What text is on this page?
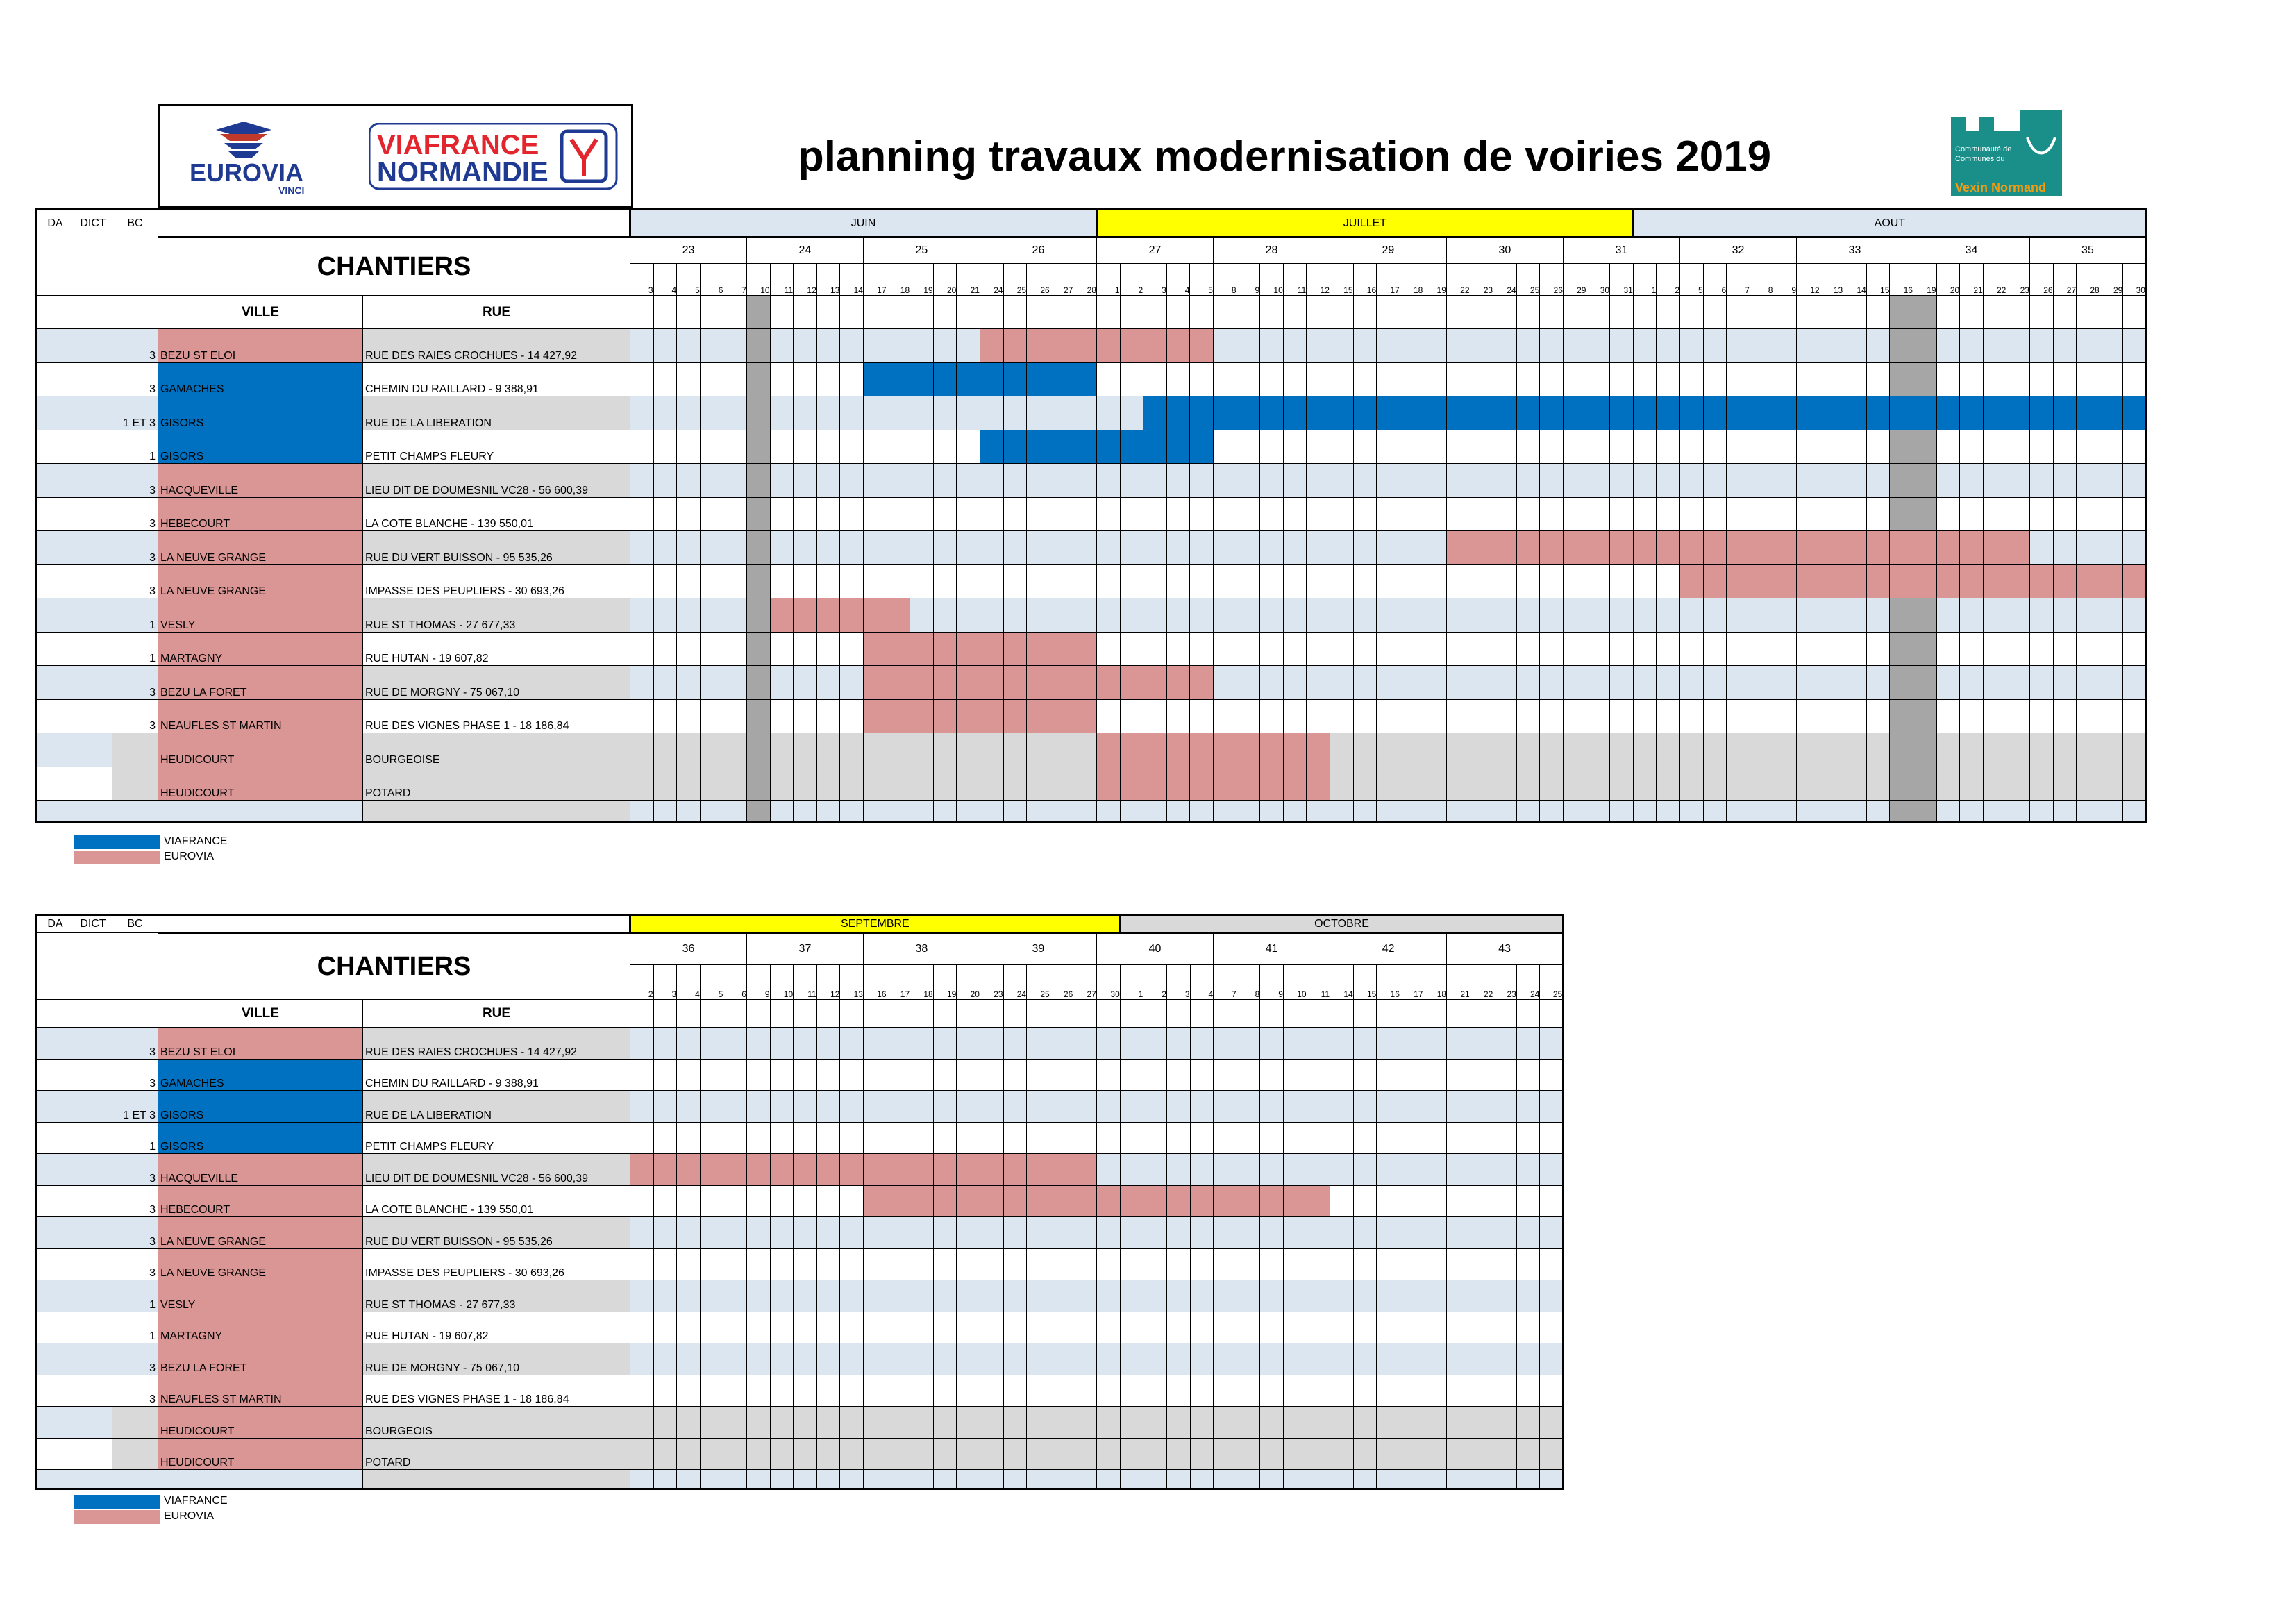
EUROVIA
VINCI
VIAFRANCE
NORMANDIE	planning travaux modernisation de voiries 2019	Communauté de
Communes du
Vexin Normand
DA	DICT	BC		JUIN	JUILLET	AOUT
			CHANTIERS	23	24	25	26	27	28	29	30	31	32	33	34	35
3	4	5	6	7	10	11	12	13	14	17	18	19	20	21	24	25	26	27	28	1	2	3	4	5	8	9	10	11	12	15	16	17	18	19	22	23	24	25	26	29	30	31	1	2	5	6	7	8	9	12	13	14	15	16	19	20	21	22	23	26	27	28	29	30
			VILLE	RUE																																																																	
		3	BEZU ST ELOI	RUE DES RAIES CROCHUES - 14 427,92																																																																	
		3	GAMACHES	CHEMIN DU RAILLARD - 9 388,91																																																																	
		1 ET 3	GISORS	RUE DE LA LIBERATION																																																																	
		1	GISORS	PETIT CHAMPS FLEURY																																																																	
		3	HACQUEVILLE	LIEU DIT DE DOUMESNIL VC28 - 56 600,39																																																																	
		3	HEBECOURT	LA COTE BLANCHE - 139 550,01																																																																	
		3	LA NEUVE GRANGE	RUE DU VERT BUISSON - 95 535,26																																																																	
		3	LA NEUVE GRANGE	IMPASSE DES PEUPLIERS - 30 693,26																																																																	
		1	VESLY	RUE ST THOMAS - 27 677,33																																																																	
		1	MARTAGNY	RUE HUTAN - 19 607,82																																																																	
		3	BEZU LA FORET	RUE DE MORGNY - 75 067,10																																																																	
		3	NEAUFLES ST MARTIN	RUE DES VIGNES PHASE 1 - 18 186,84																																																																	
			HEUDICOURT	BOURGEOISE																																																																	
			HEUDICOURT	POTARD																																																																	

VIAFRANCE
EUROVIA
DA	DICT	BC			SEPTEMBRE																					OCTOBRE																		
			CHANTIERS		36					37					38					39					40					41					42					43				
					2	3	4	5	6	9	10	11	12	13	16	17	18	19	20	23	24	25	26	27	30	1	2	3	4	7	8	9	10	11	14	15	16	17	18	21	22	23	24	25
			VILLE	RUE																																								
		3	BEZU ST ELOI	RUE DES RAIES CROCHUES - 14 427,92																																								
		3	GAMACHES	CHEMIN DU RAILLARD - 9 388,91																																								
		1 ET 3	GISORS	RUE DE LA LIBERATION																																								
		1	GISORS	PETIT CHAMPS FLEURY																																								
		3	HACQUEVILLE	LIEU DIT DE DOUMESNIL VC28 - 56 600,39																																								
		3	HEBECOURT	LA COTE BLANCHE - 139 550,01																																								
		3	LA NEUVE GRANGE	RUE DU VERT BUISSON - 95 535,26																																								
		3	LA NEUVE GRANGE	IMPASSE DES PEUPLIERS - 30 693,26																																								
		1	VESLY	RUE ST THOMAS - 27 677,33																																								
		1	MARTAGNY	RUE HUTAN - 19 607,82																																								
		3	BEZU LA FORET	RUE DE MORGNY - 75 067,10																																								
		3	NEAUFLES ST MARTIN	RUE DES VIGNES PHASE 1 - 18 186,84																																								
			HEUDICOURT	BOURGEOIS																																								
			HEUDICOURT	POTARD																																								

VIAFRANCE
EUROVIA
